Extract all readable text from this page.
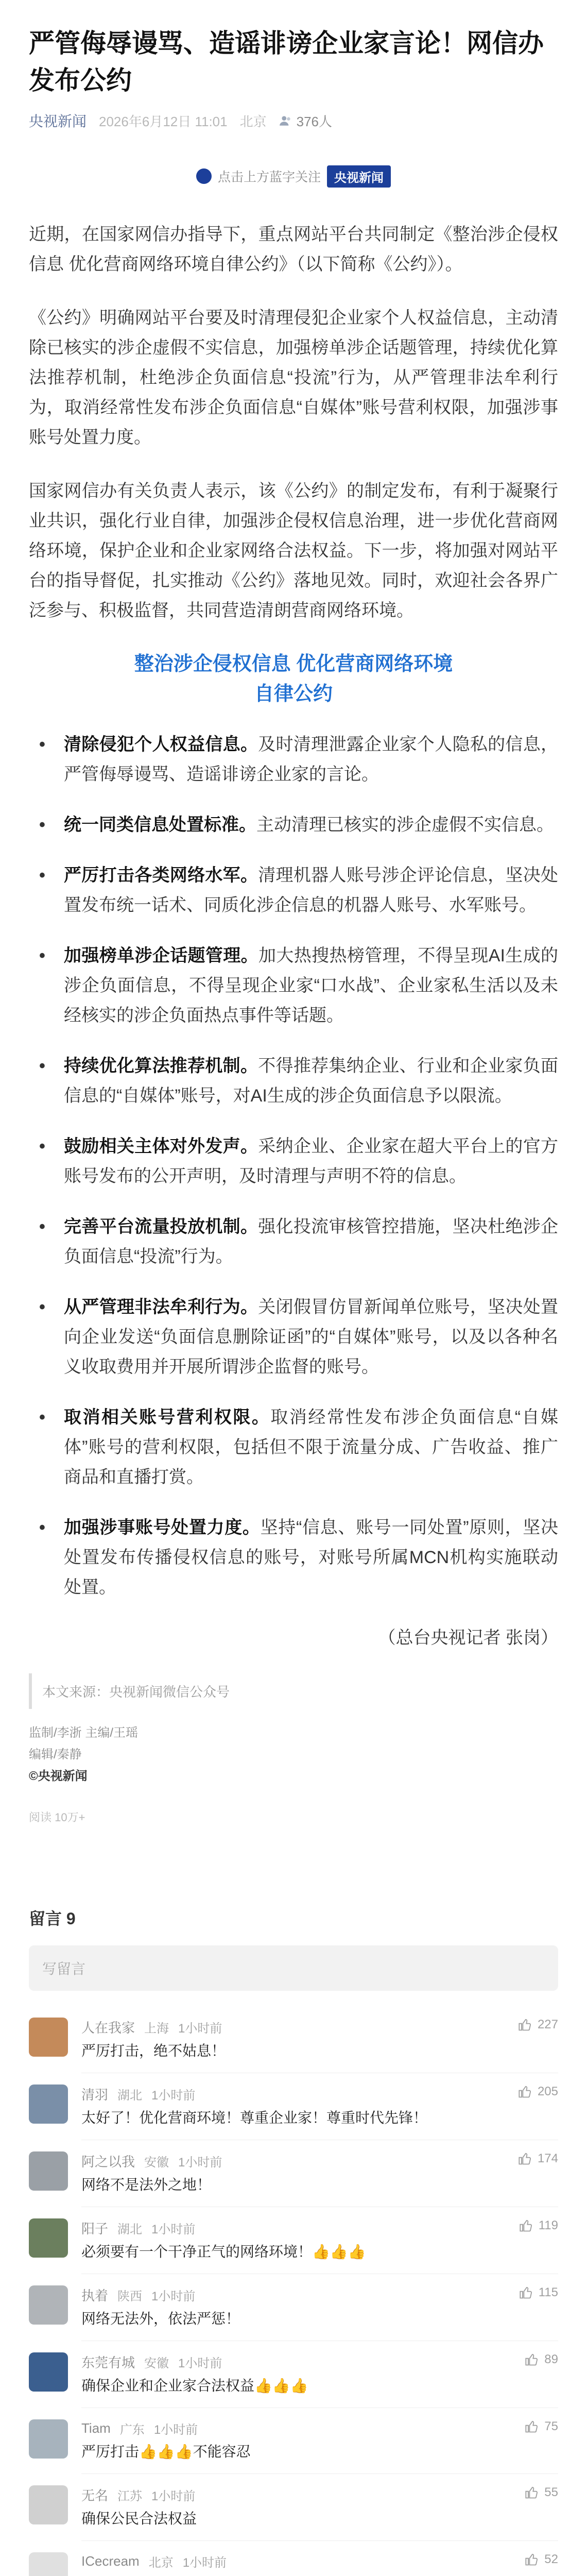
严管侮辱谩骂、造谣诽谤企业家言论！网信办发布公约
央视新闻 2026年6月12日 11:01 北京 376人
点击上方蓝字关注 央视新闻

近期，在国家网信办指导下，重点网站平台共同制定《整治涉企侵权信息 优化营商网络环境自律公约》（以下简称《公约》）。

《公约》明确网站平台要及时清理侵犯企业家个人权益信息，主动清除已核实的涉企虚假不实信息，加强榜单涉企话题管理，持续优化算法推荐机制，杜绝涉企负面信息“投流”行为，从严管理非法牟利行为，取消经常性发布涉企负面信息“自媒体”账号营利权限，加强涉事账号处置力度。

国家网信办有关负责人表示，该《公约》的制定发布，有利于凝聚行业共识，强化行业自律，加强涉企侵权信息治理，进一步优化营商网络环境，保护企业和企业家网络合法权益。下一步，将加强对网站平台的指导督促，扎实推动《公约》落地见效。同时，欢迎社会各界广泛参与、积极监督，共同营造清朗营商网络环境。

整治涉企侵权信息 优化营商网络环境
自律公约
•	清除侵犯个人权益信息。及时清理泄露企业家个人隐私的信息，严管侮辱谩骂、造谣诽谤企业家的言论。
•	统一同类信息处置标准。主动清理已核实的涉企虚假不实信息。
•	严厉打击各类网络水军。清理机器人账号涉企评论信息，坚决处置发布统一话术、同质化涉企信息的机器人账号、水军账号。
•	加强榜单涉企话题管理。加大热搜热榜管理，不得呈现AI生成的涉企负面信息，不得呈现企业家“口水战”、企业家私生活以及未经核实的涉企负面热点事件等话题。
•	持续优化算法推荐机制。不得推荐集纳企业、行业和企业家负面信息的“自媒体”账号，对AI生成的涉企负面信息予以限流。
•	鼓励相关主体对外发声。采纳企业、企业家在超大平台上的官方账号发布的公开声明，及时清理与声明不符的信息。
•	完善平台流量投放机制。强化投流审核管控措施，坚决杜绝涉企负面信息“投流”行为。
•	从严管理非法牟利行为。关闭假冒仿冒新闻单位账号，坚决处置向企业发送“负面信息删除证函”的“自媒体”账号，以及以各种名义收取费用并开展所谓涉企监督的账号。
•	取消相关账号营利权限。取消经常性发布涉企负面信息“自媒体”账号的营利权限，包括但不限于流量分成、广告收益、推广商品和直播打赏。
•	加强涉事账号处置力度。坚持“信息、账号一同处置”原则，坚决处置发布传播侵权信息的账号，对账号所属MCN机构实施联动处置。
（总台央视记者 张岗）
本文来源：央视新闻微信公众号
监制/李浙 主编/王瑶
编辑/秦静
©央视新闻
阅读 10万+
留言 9
写留言
人在我家 上海 1小时前
严厉打击，绝不姑息！
227
清羽 湖北 1小时前
太好了！优化营商环境！尊重企业家！尊重时代先锋！
205
阿之以我 安徽 1小时前
网络不是法外之地！
174
阳子 湖北 1小时前
必须要有一个干净正气的网络环境！👍👍👍
119
执着 陕西 1小时前
网络无法外，依法严惩！
115
东莞有城 安徽 1小时前
确保企业和企业家合法权益👍👍👍
89
Tiam 广东 1小时前
严厉打击👍👍👍不能容忍
75
无名 江苏 1小时前
确保公民合法权益
55
ICecream 北京 1小时前	52
